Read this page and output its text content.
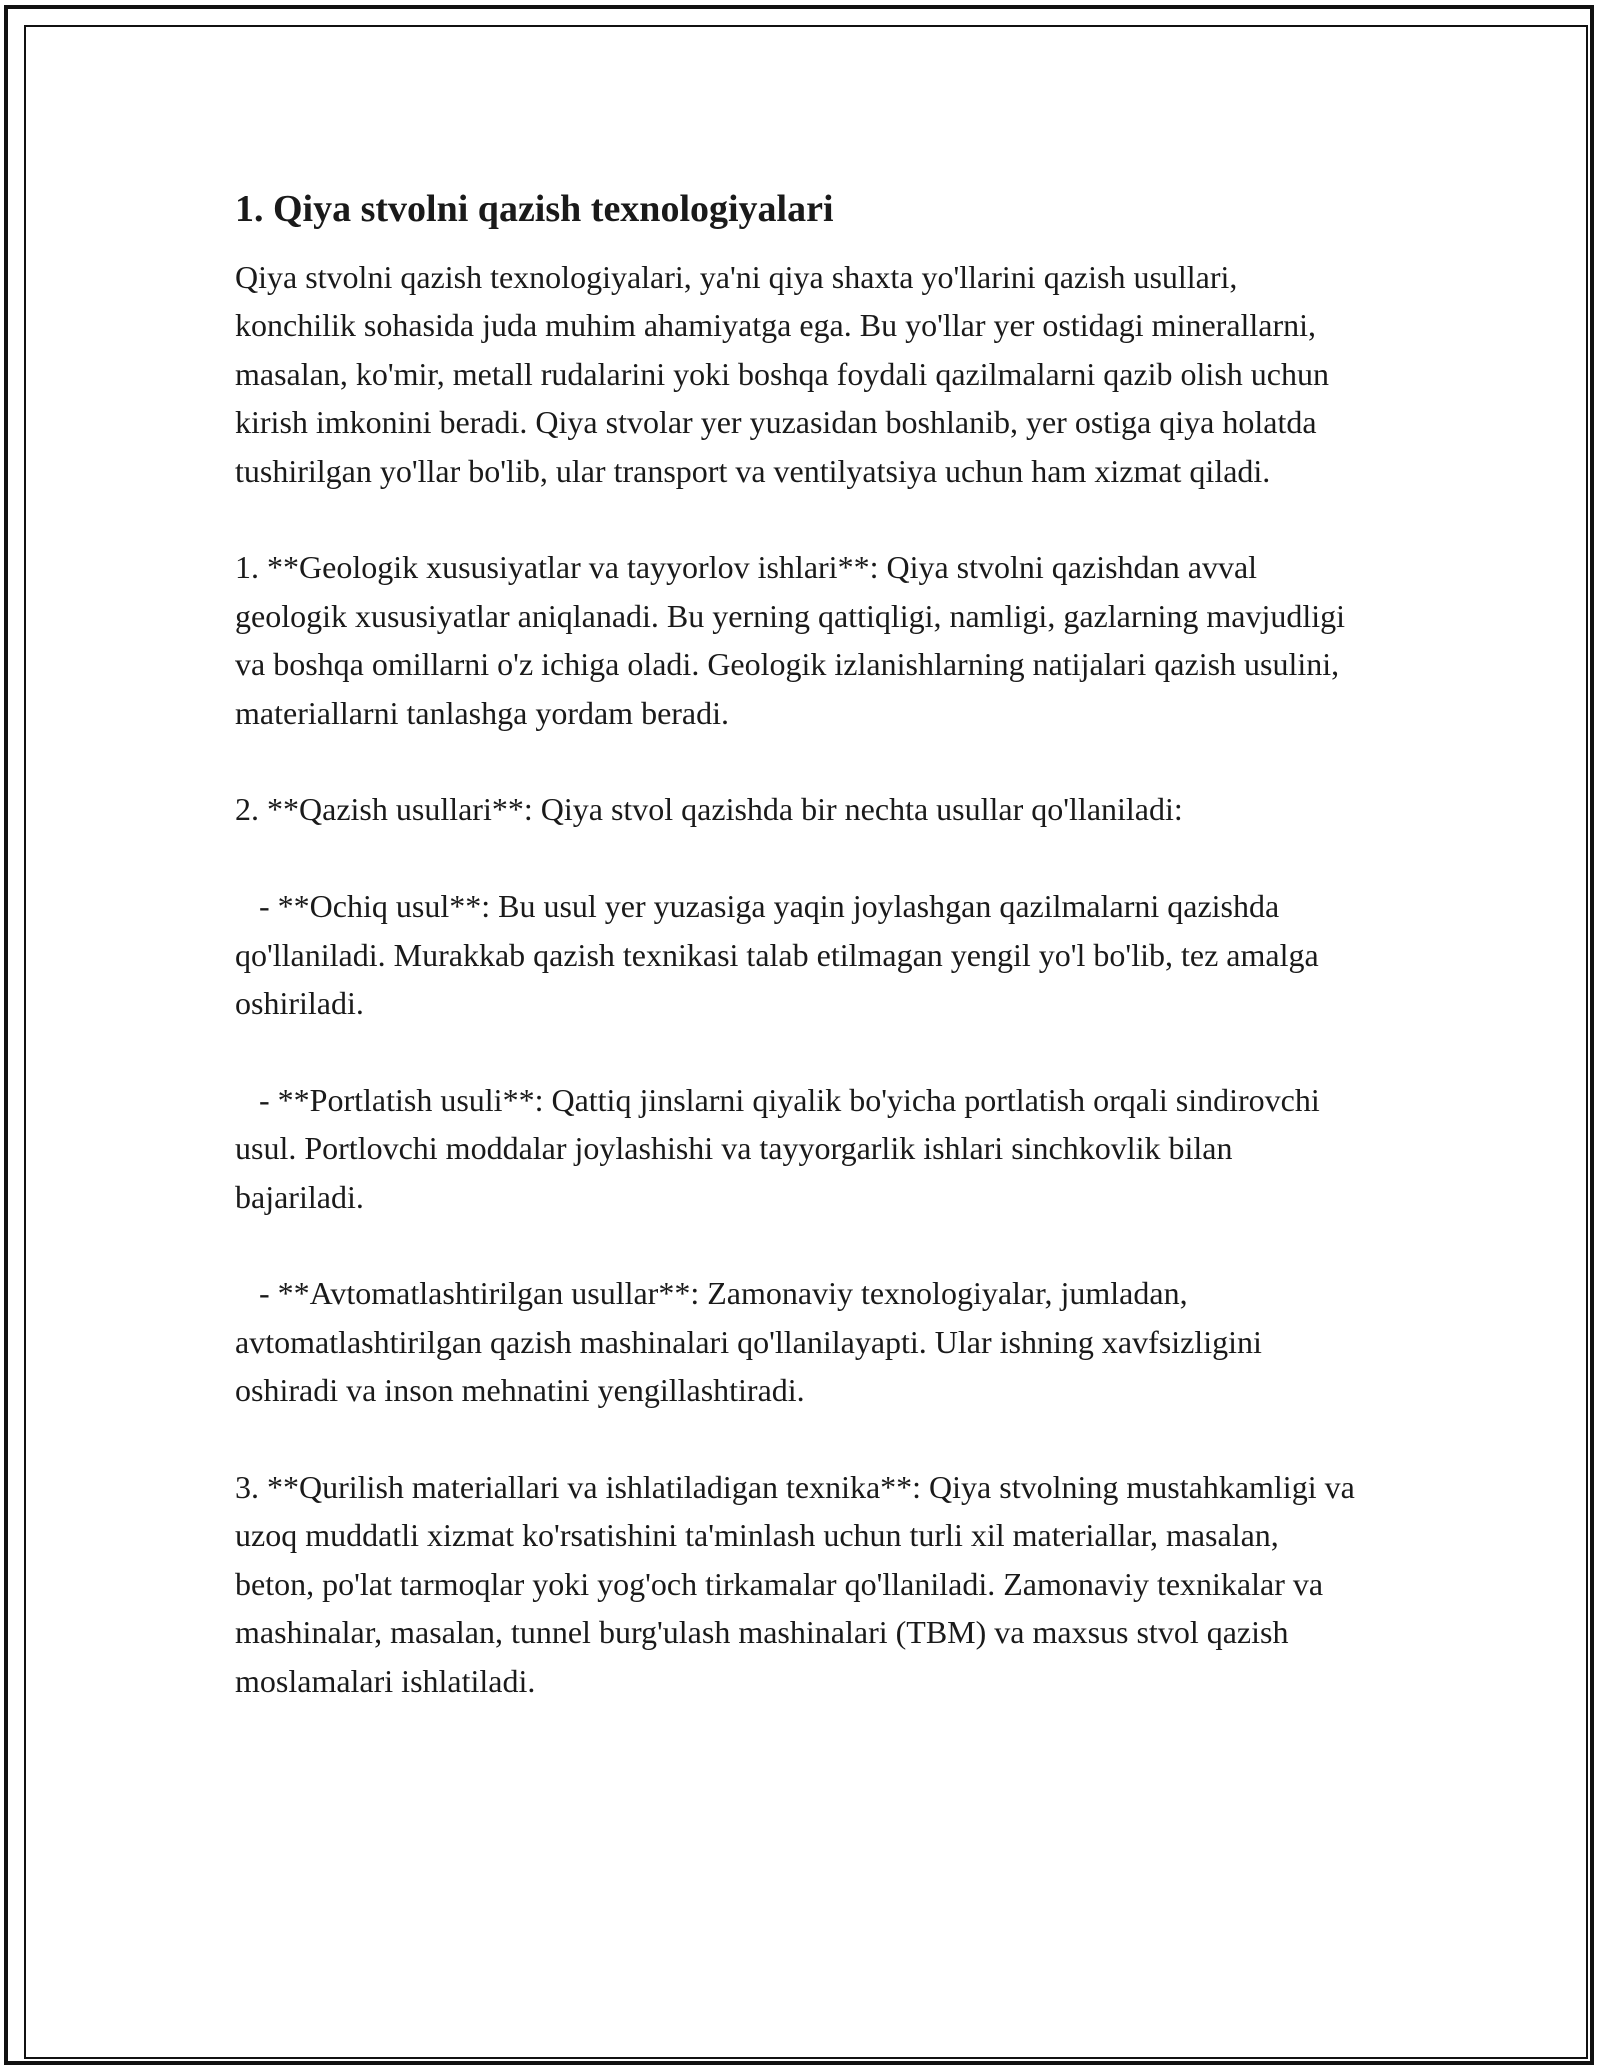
1. Qiya stvolni qazish texnologiyalari

Qiya stvolni qazish texnologiyalari, ya'ni qiya shaxta yo'llarini qazish usullari, konchilik sohasida juda muhim ahamiyatga ega. Bu yo'llar yer ostidagi minerallarni, masalan, ko'mir, metall rudalarini yoki boshqa foydali qazilmalarni qazib olish uchun kirish imkonini beradi. Qiya stvolar yer yuzasidan boshlanib, yer ostiga qiya holatda tushirilgan yo'llar bo'lib, ular transport va ventilyatsiya uchun ham xizmat qiladi.

1. **Geologik xususiyatlar va tayyorlov ishlari**: Qiya stvolni qazishdan avval geologik xususiyatlar aniqlanadi. Bu yerning qattiqligi, namligi, gazlarning mavjudligi va boshqa omillarni o'z ichiga oladi. Geologik izlanishlarning natijalari qazish usulini, materiallarni tanlashga yordam beradi.

2. **Qazish usullari**: Qiya stvol qazishda bir nechta usullar qo'llaniladi:

- **Ochiq usul**: Bu usul yer yuzasiga yaqin joylashgan qazilmalarni qazishda qo'llaniladi. Murakkab qazish texnikasi talab etilmagan yengil yo'l bo'lib, tez amalga oshiriladi.

- **Portlatish usuli**: Qattiq jinslarni qiyalik bo'yicha portlatish orqali sindirovchi usul. Portlovchi moddalar joylashishi va tayyorgarlik ishlari sinchkovlik bilan bajariladi.

- **Avtomatlashtirilgan usullar**: Zamonaviy texnologiyalar, jumladan, avtomatlashtirilgan qazish mashinalari qo'llanilayapti. Ular ishning xavfsizligini oshiradi va inson mehnatini yengillashtiradi.

3. **Qurilish materiallari va ishlatiladigan texnika**: Qiya stvolning mustahkamligi va uzoq muddatli xizmat ko'rsatishini ta'minlash uchun turli xil materiallar, masalan, beton, po'lat tarmoqlar yoki yog'och tirkamalar qo'llaniladi. Zamonaviy texnikalar va mashinalar, masalan, tunnel burg'ulash mashinalari (TBM) va maxsus stvol qazish moslamalari ishlatiladi.
